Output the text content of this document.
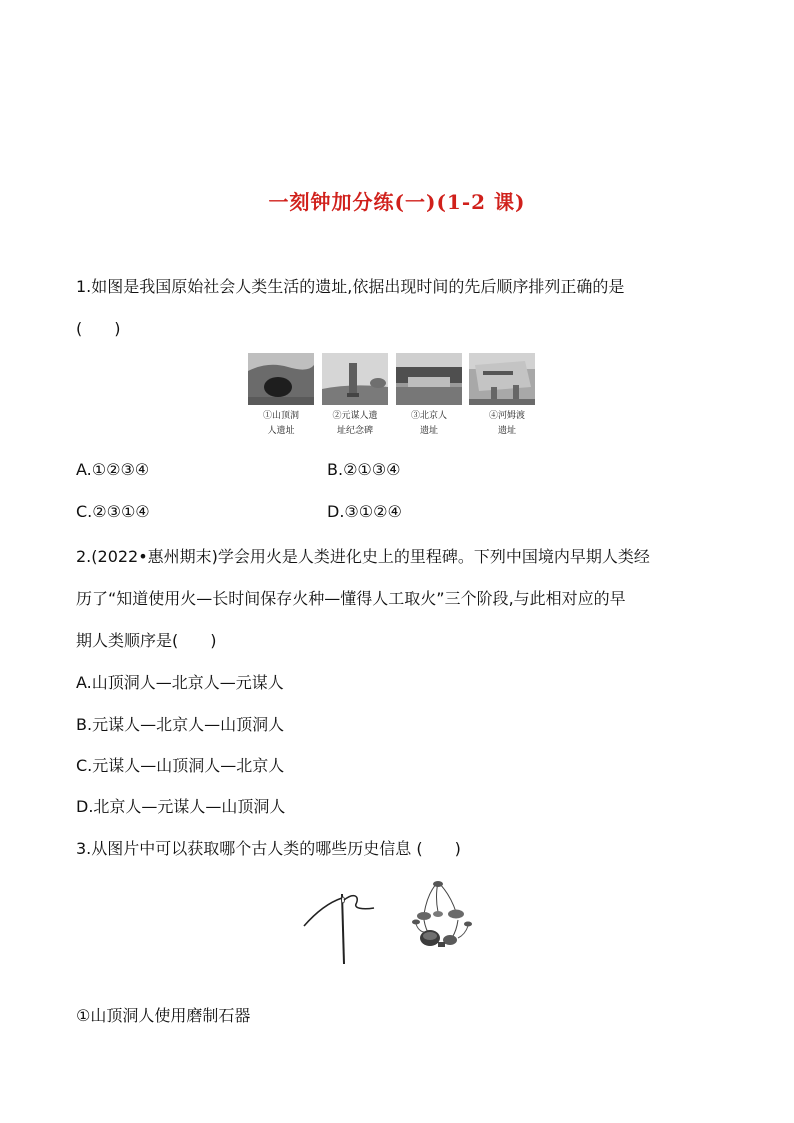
一刻钟加分练(一)(1-2 课)
1.如图是我国原始社会人类生活的遗址,依据出现时间的先后顺序排列正确的是
(　　)
①山顶洞
人遗址
②元谋人遗
址纪念碑
③北京人
遗址
④河姆渡
遗址
A.①②③④	B.②①③④
C.②③①④	D.③①②④
2.(2022•惠州期末)学会用火是人类进化史上的里程碑。下列中国境内早期人类经
历了“知道使用火—长时间保存火种—懂得人工取火”三个阶段,与此相对应的早
期人类顺序是(　　)
A.山顶洞人—北京人—元谋人
B.元谋人—北京人—山顶洞人
C.元谋人—山顶洞人—北京人
D.北京人—元谋人—山顶洞人
3.从图片中可以获取哪个古人类的哪些历史信息 (　　)
①山顶洞人使用磨制石器
